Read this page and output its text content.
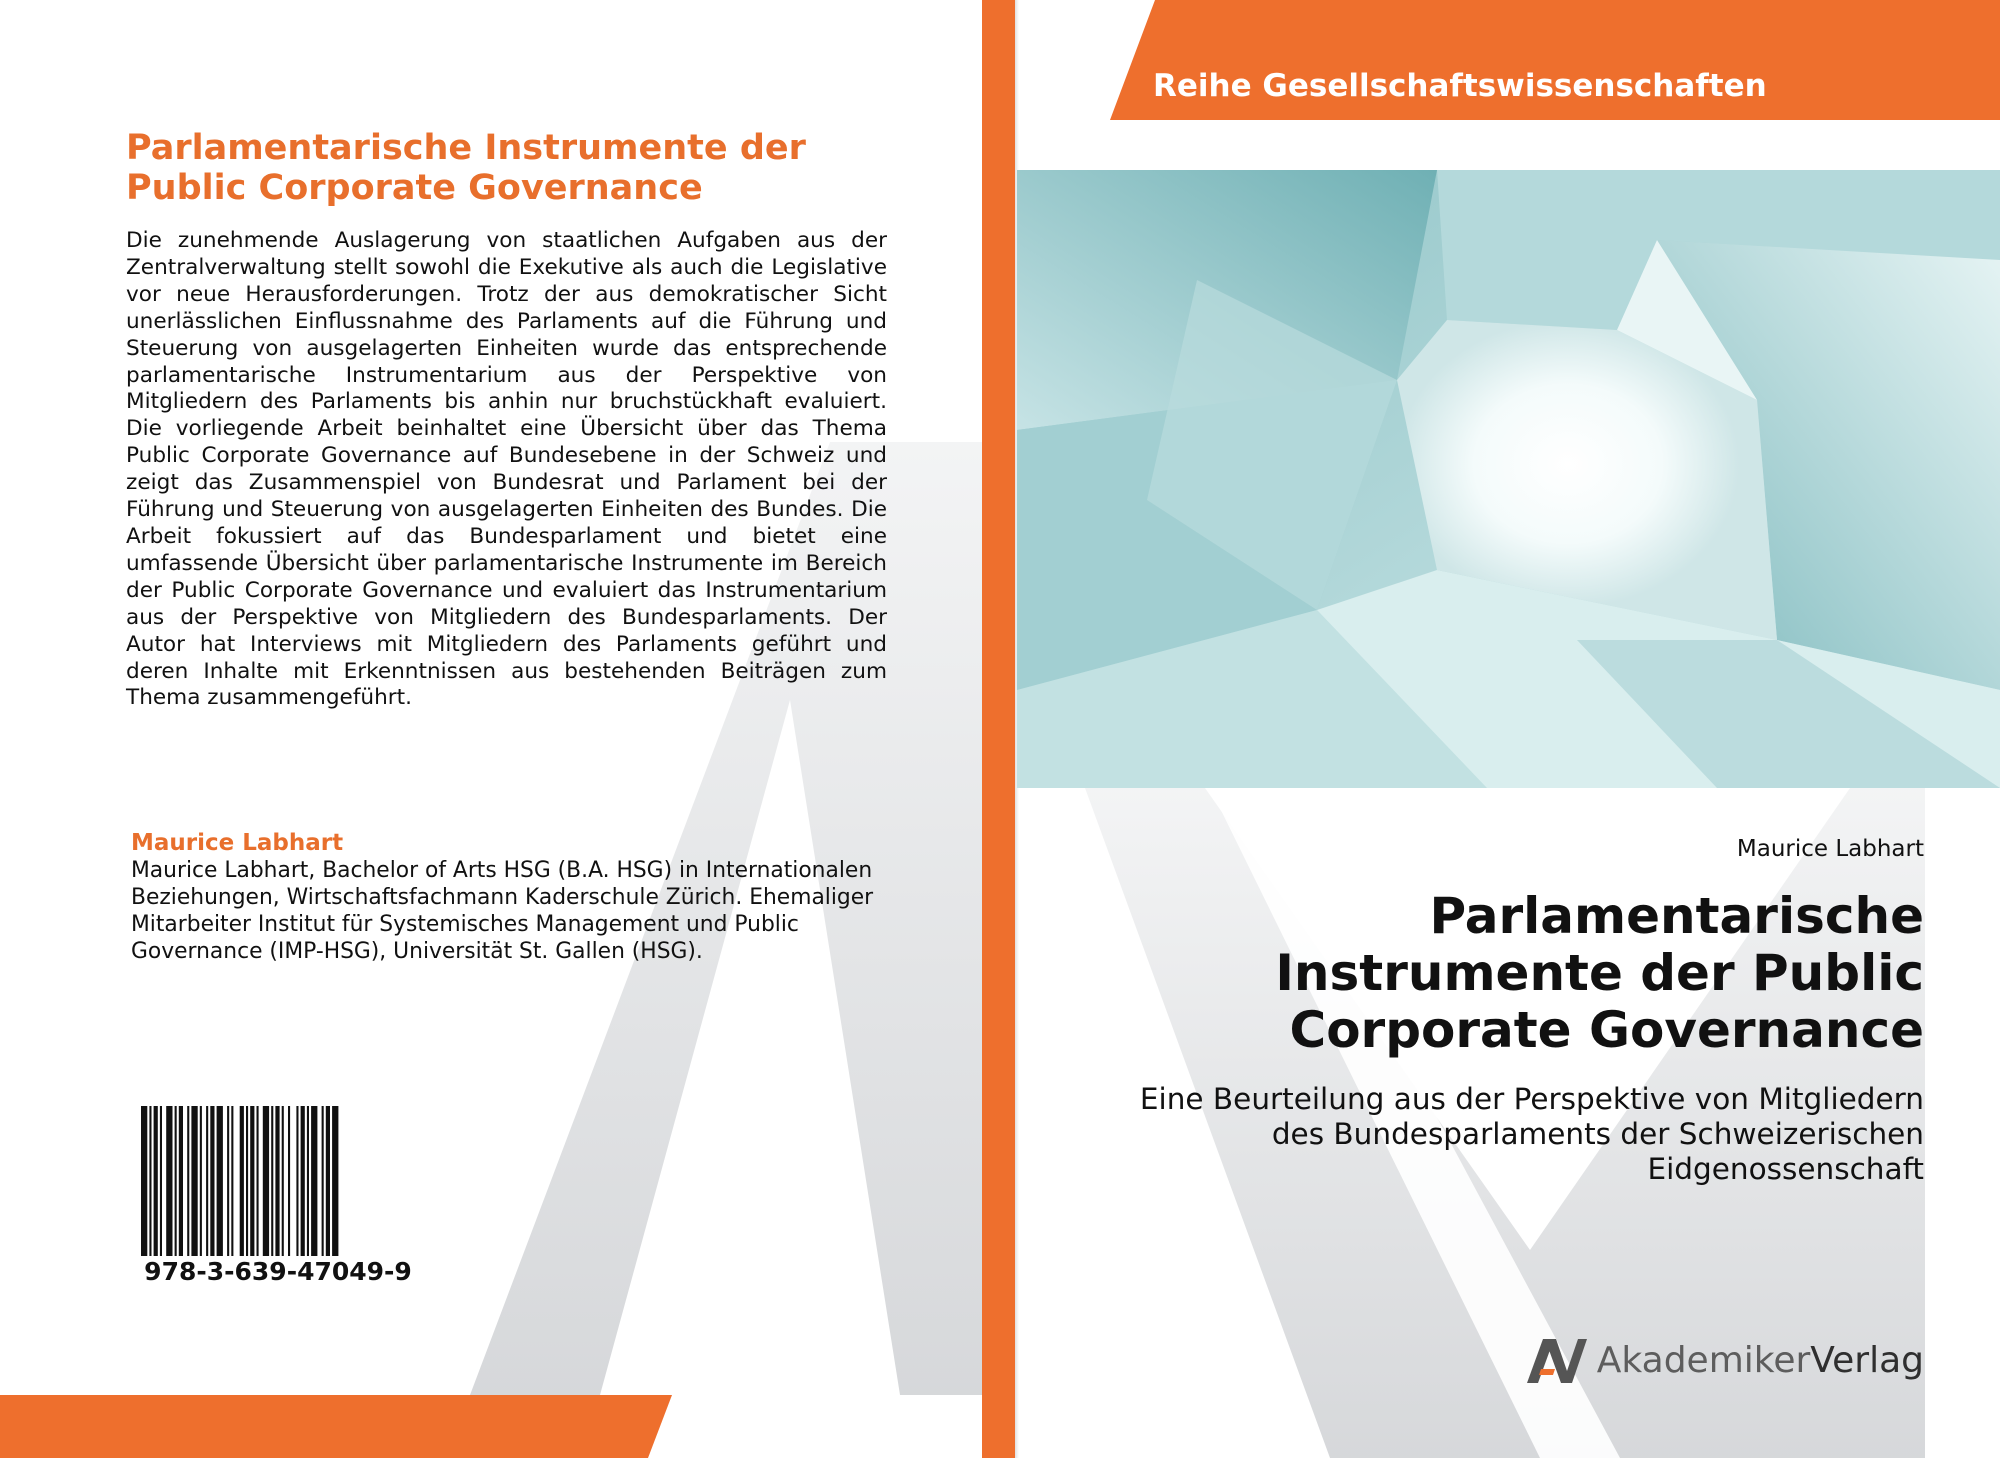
Parlamentarische Instrumente der Public Corporate Governance

Die zunehmende Auslagerung von staatlichen Aufgaben aus der Zentralverwaltung stellt sowohl die Exekutive als auch die Legislative vor neue Herausforderungen. Trotz der aus demokratischer Sicht unerlässlichen Einflussnahme des Parlaments auf die Führung und Steuerung von ausgelagerten Einheiten wurde das entsprechende parlamentarische Instrumentarium aus der Perspektive von Mitgliedern des Parlaments bis anhin nur bruchstückhaft evaluiert. Die vorliegende Arbeit beinhaltet eine Übersicht über das Thema Public Corporate Governance auf Bundesebene in der Schweiz und zeigt das Zusammenspiel von Bundesrat und Parlament bei der Führung und Steuerung von ausgelagerten Einheiten des Bundes. Die Arbeit fokussiert auf das Bundesparlament und bietet eine umfassende Übersicht über parlamentarische Instrumente im Bereich der Public Corporate Governance und evaluiert das Instrumentarium aus der Perspektive von Mitgliedern des Bundesparlaments. Der Autor hat Interviews mit Mitgliedern des Parlaments geführt und deren Inhalte mit Erkenntnissen aus bestehenden Beiträgen zum Thema zusammengeführt.

Maurice Labhart

Maurice Labhart, Bachelor of Arts HSG (B.A. HSG) in Internationalen Beziehungen, Wirtschaftsfachmann Kaderschule Zürich. Ehemaliger Mitarbeiter Institut für Systemisches Management und Public Governance (IMP-HSG), Universität St. Gallen (HSG).

978-3-639-47049-9
Reihe Gesellschaftswissenschaften

Maurice Labhart

Parlamentarische Instrumente der Public Corporate Governance

Eine Beurteilung aus der Perspektive von Mitgliedern des Bundesparlaments der Schweizerischen Eidgenossenschaft

AkademikerVerlag
